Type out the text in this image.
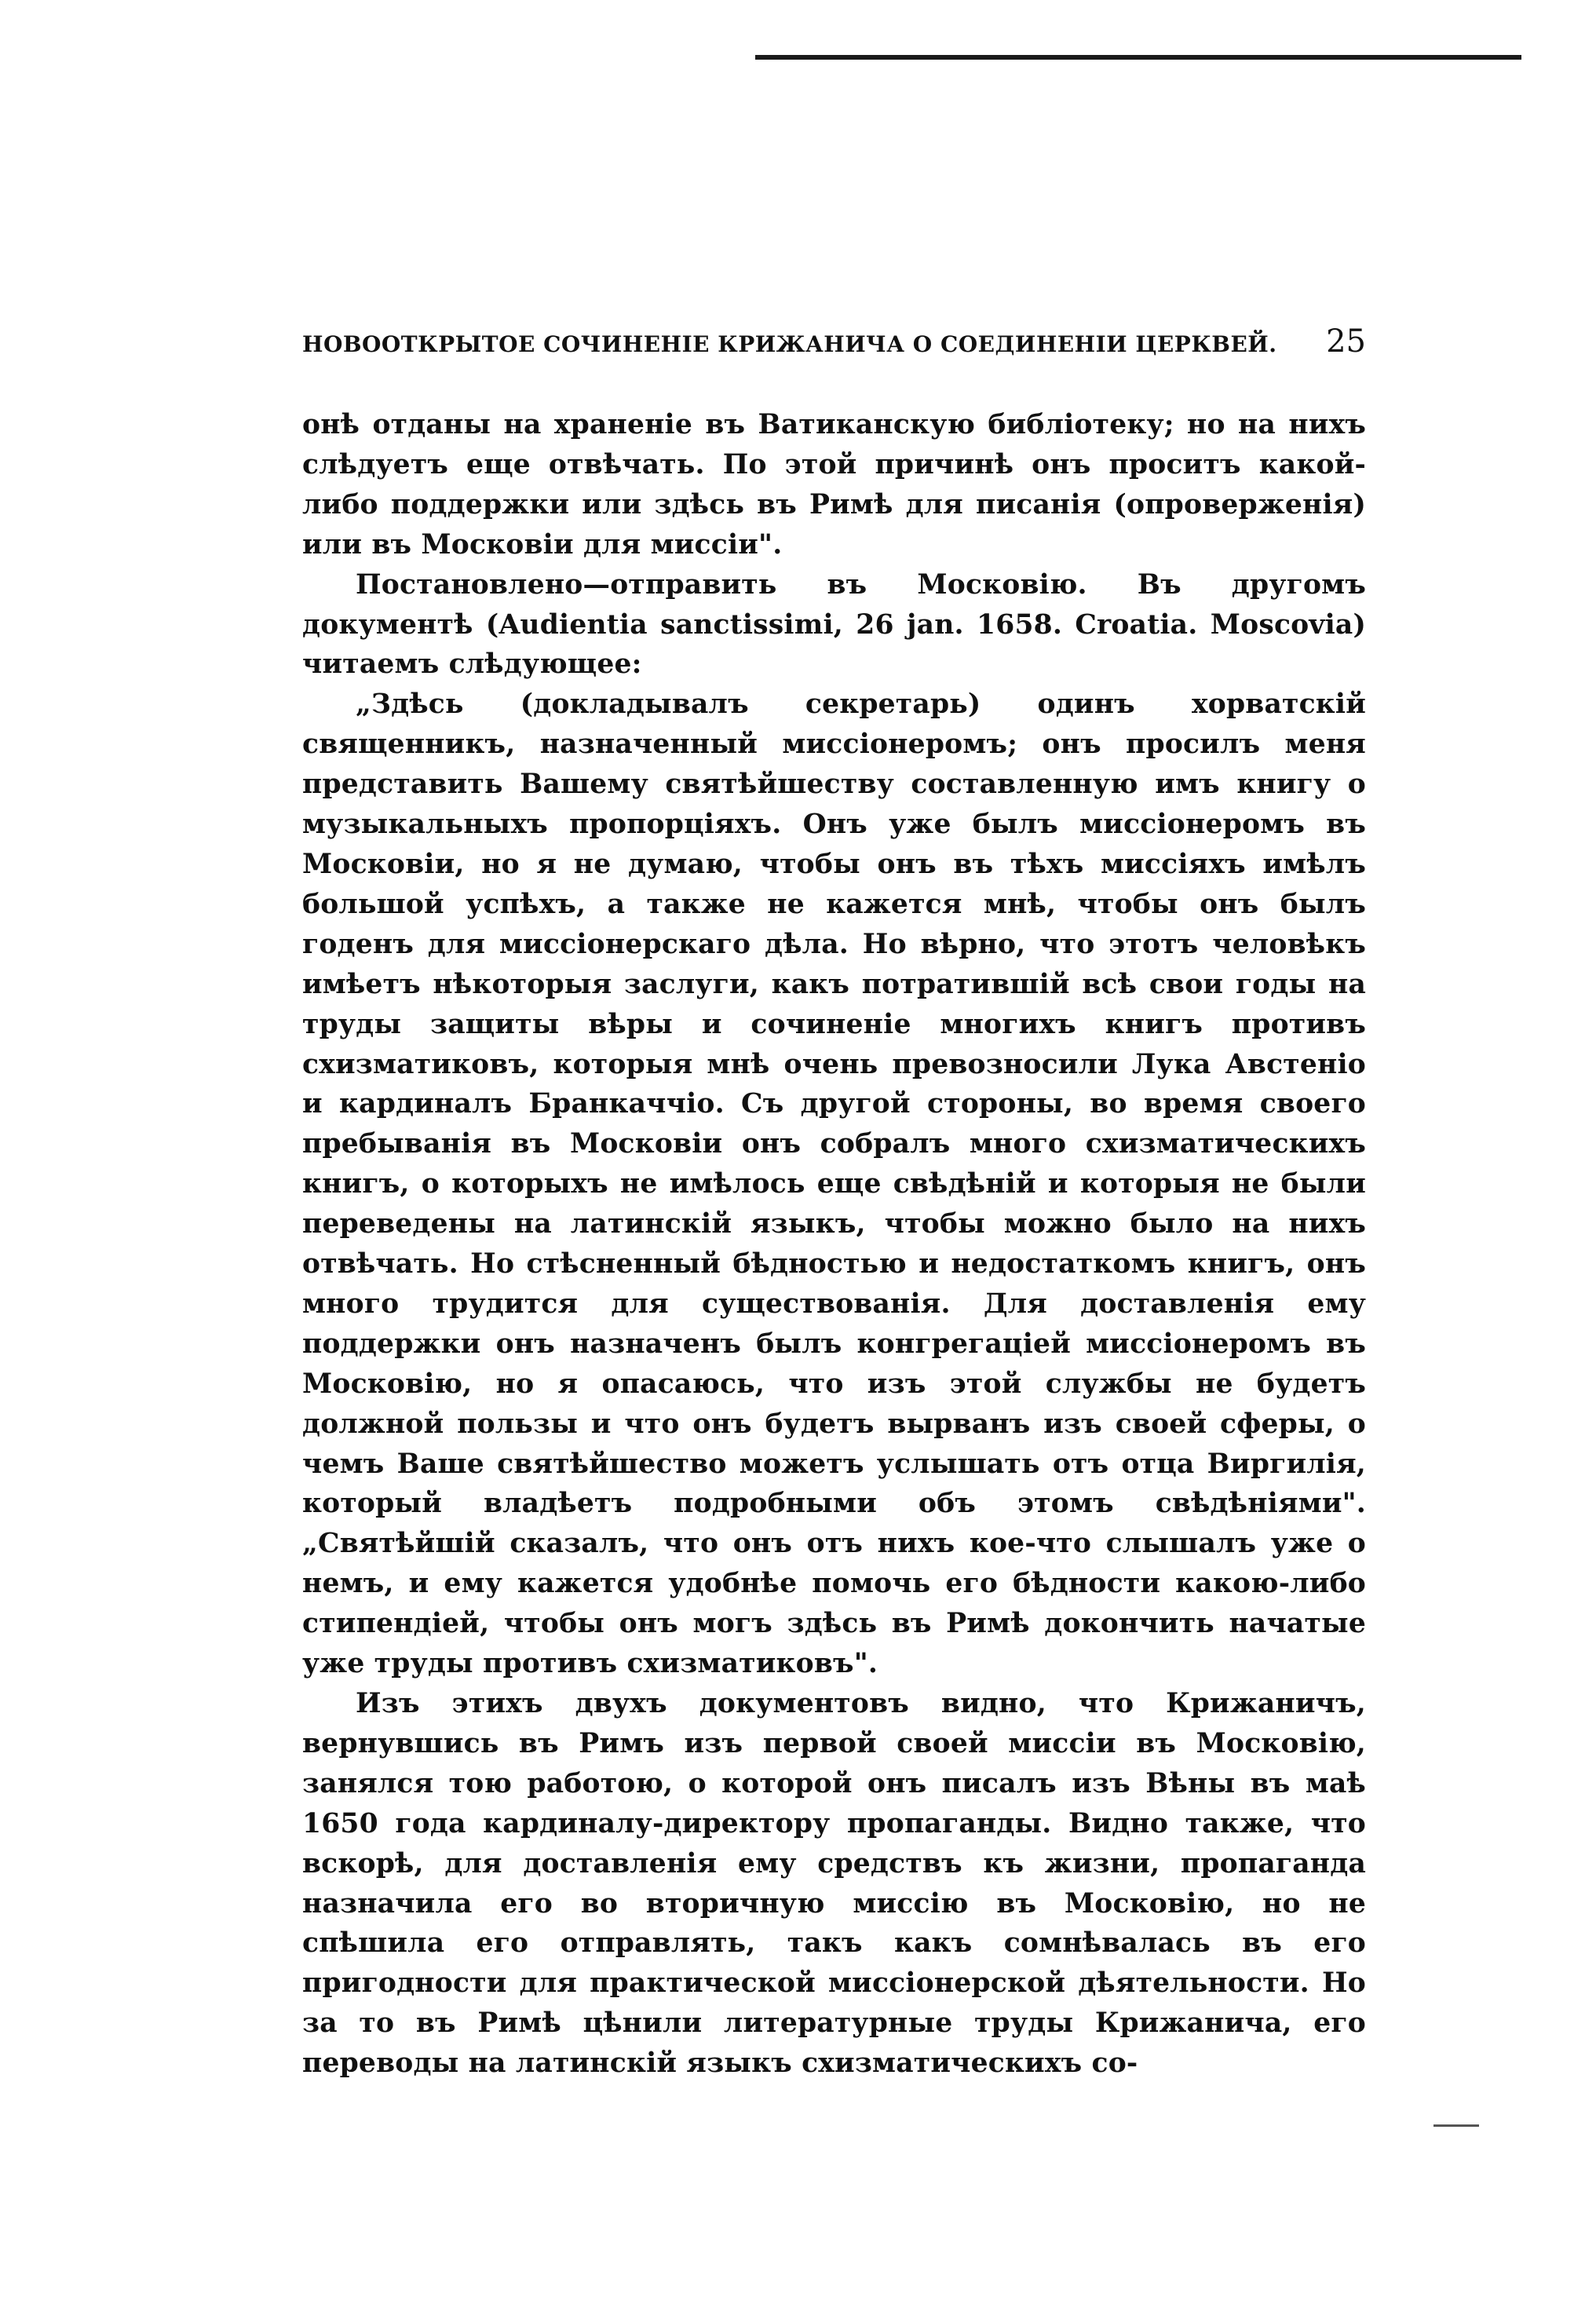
НОВООТКРЫТОЕ СОЧИНЕНІЕ КРИЖАНИЧА О СОЕДИНЕНІИ ЦЕРКВЕЙ. 25

онѣ отданы на храненіе въ Ватиканскую библіотеку; но на нихъ слѣдуетъ еще отвѣчать. По этой причинѣ онъ проситъ какой-либо поддержки или здѣсь въ Римѣ для писанія (опроверженія) или въ Московіи для миссіи".

Постановлено—отправить въ Московію. Въ другомъ документѣ (Audientia sanctissimi, 26 jan. 1658. Croatia. Moscovia) читаемъ слѣдующее:

„Здѣсь (докладывалъ секретарь) одинъ хорватскій священникъ, назначенный миссіонеромъ; онъ просилъ меня представить Вашему святѣйшеству составленную имъ книгу о музыкальныхъ пропорціяхъ. Онъ уже былъ миссіонеромъ въ Московіи, но я не думаю, чтобы онъ въ тѣхъ миссіяхъ имѣлъ большой успѣхъ, а также не кажется мнѣ, чтобы онъ былъ годенъ для миссіонерскаго дѣла. Но вѣрно, что этотъ человѣкъ имѣетъ нѣкоторыя заслуги, какъ потратившій всѣ свои годы на труды защиты вѣры и сочиненіе многихъ книгъ противъ схизматиковъ, которыя мнѣ очень превозносили Лука Австенio и кардиналъ Бранкаччіо. Съ другой стороны, во время своего пребыванія въ Московіи онъ собралъ много схизматическихъ книгъ, о которыхъ не имѣлось еще свѣдѣній и которыя не были переведены на латинскій языкъ, чтобы можно было на нихъ отвѣчать. Но стѣсненный бѣдностью и недостаткомъ книгъ, онъ много трудится для существованія. Для доставленія ему поддержки онъ назначенъ былъ конгрегаціей миссіонеромъ въ Московію, но я опасаюсь, что изъ этой службы не будетъ должной пользы и что онъ будетъ вырванъ изъ своей сферы, о чемъ Ваше святѣйшество можетъ услышать отъ отца Виргилія, который владѣетъ подробными объ этомъ свѣдѣніями". „Святѣйшій сказалъ, что онъ отъ нихъ кое-что слышалъ уже о немъ, и ему кажется удобнѣе помочь его бѣдности какою-либо стипендіей, чтобы онъ могъ здѣсь въ Римѣ докончить начатые уже труды противъ схизматиковъ".

Изъ этихъ двухъ документовъ видно, что Крижаничъ, вернувшись въ Римъ изъ первой своей миссіи въ Московію, занялся тою работою, о которой онъ писалъ изъ Вѣны въ маѣ 1650 года кардиналу-директору пропаганды. Видно также, что вскорѣ, для доставленія ему средствъ къ жизни, пропаганда назначила его во вторичную миссію въ Московію, но не спѣшила его отправлять, такъ какъ сомнѣвалась въ его пригодности для практической миссіонерской дѣятельности. Но за то въ Римѣ цѣнили литературные труды Крижанича, его переводы на латинскій языкъ схизматическихъ со-
